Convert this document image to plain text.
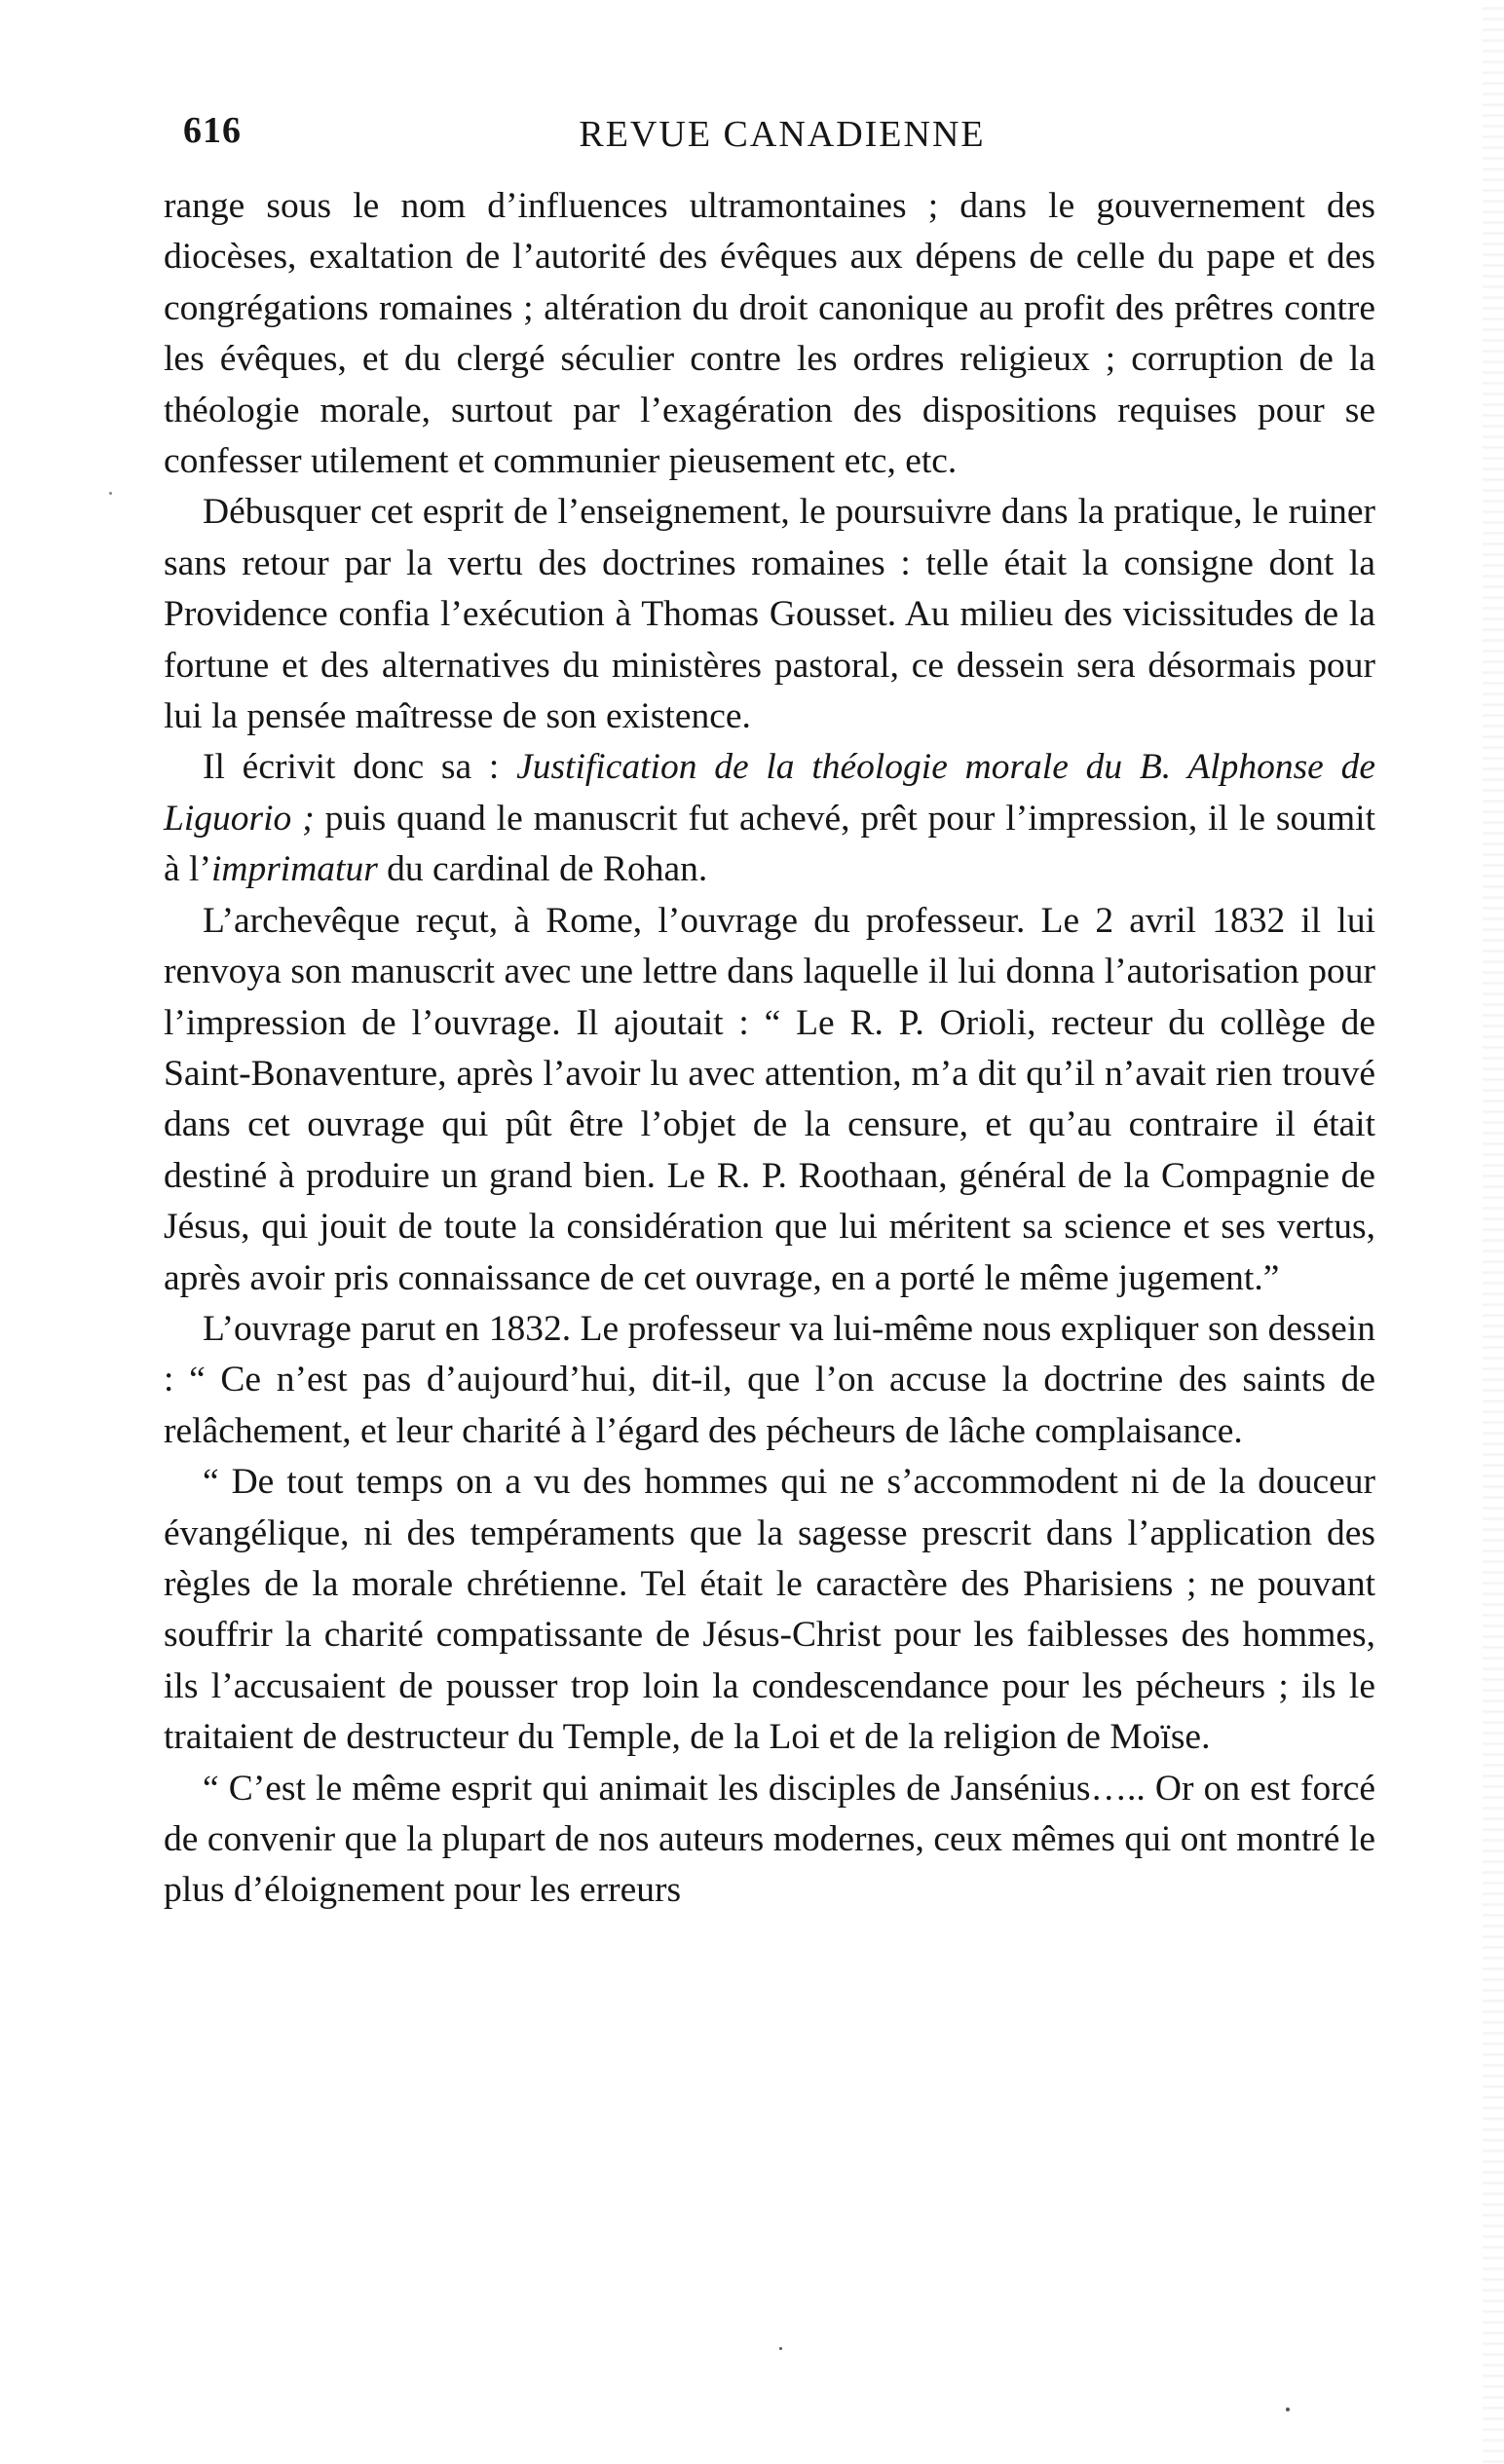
616	REVUE CANADIENNE

range sous le nom d’influences ultramontaines ; dans le gouvernement des diocèses, exaltation de l’autorité des évêques aux dépens de celle du pape et des congrégations romaines ; altération du droit canonique au profit des prêtres contre les évêques, et du clergé séculier contre les ordres religieux ; corruption de la théologie morale, surtout par l’exagération des dispositions requises pour se confesser utilement et communier pieusement etc, etc.

Débusquer cet esprit de l’enseignement, le poursuivre dans la pratique, le ruiner sans retour par la vertu des doctrines romaines : telle était la consigne dont la Providence confia l’exécution à Thomas Gousset. Au milieu des vicissitudes de la fortune et des alternatives du ministères pastoral, ce dessein sera désormais pour lui la pensée maîtresse de son existence.

Il écrivit donc sa : Justification de la théologie morale du B. Alphonse de Liguorio ; puis quand le manuscrit fut achevé, prêt pour l’impression, il le soumit à l’imprimatur du cardinal de Rohan.

L’archevêque reçut, à Rome, l’ouvrage du professeur. Le 2 avril 1832 il lui renvoya son manuscrit avec une lettre dans laquelle il lui donna l’autorisation pour l’impression de l’ouvrage. Il ajoutait : “ Le R. P. Orioli, recteur du collège de Saint-Bonaventure, après l’avoir lu avec attention, m’a dit qu’il n’avait rien trouvé dans cet ouvrage qui pût être l’objet de la censure, et qu’au contraire il était destiné à produire un grand bien. Le R. P. Roothaan, général de la Compagnie de Jésus, qui jouit de toute la considération que lui méritent sa science et ses vertus, après avoir pris connaissance de cet ouvrage, en a porté le même jugement.”

L’ouvrage parut en 1832. Le professeur va lui-même nous expliquer son dessein : “ Ce n’est pas d’aujourd’hui, dit-il, que l’on accuse la doctrine des saints de relâchement, et leur charité à l’égard des pécheurs de lâche complaisance.

“ De tout temps on a vu des hommes qui ne s’accommodent ni de la douceur évangélique, ni des tempéraments que la sagesse prescrit dans l’application des règles de la morale chrétienne. Tel était le caractère des Pharisiens ; ne pouvant souffrir la charité compatissante de Jésus-Christ pour les faiblesses des hommes, ils l’accusaient de pousser trop loin la condescendance pour les pécheurs ; ils le traitaient de destructeur du Temple, de la Loi et de la religion de Moïse.

“ C’est le même esprit qui animait les disciples de Jansénius….. Or on est forcé de convenir que la plupart de nos auteurs modernes, ceux mêmes qui ont montré le plus d’éloignement pour les erreurs
